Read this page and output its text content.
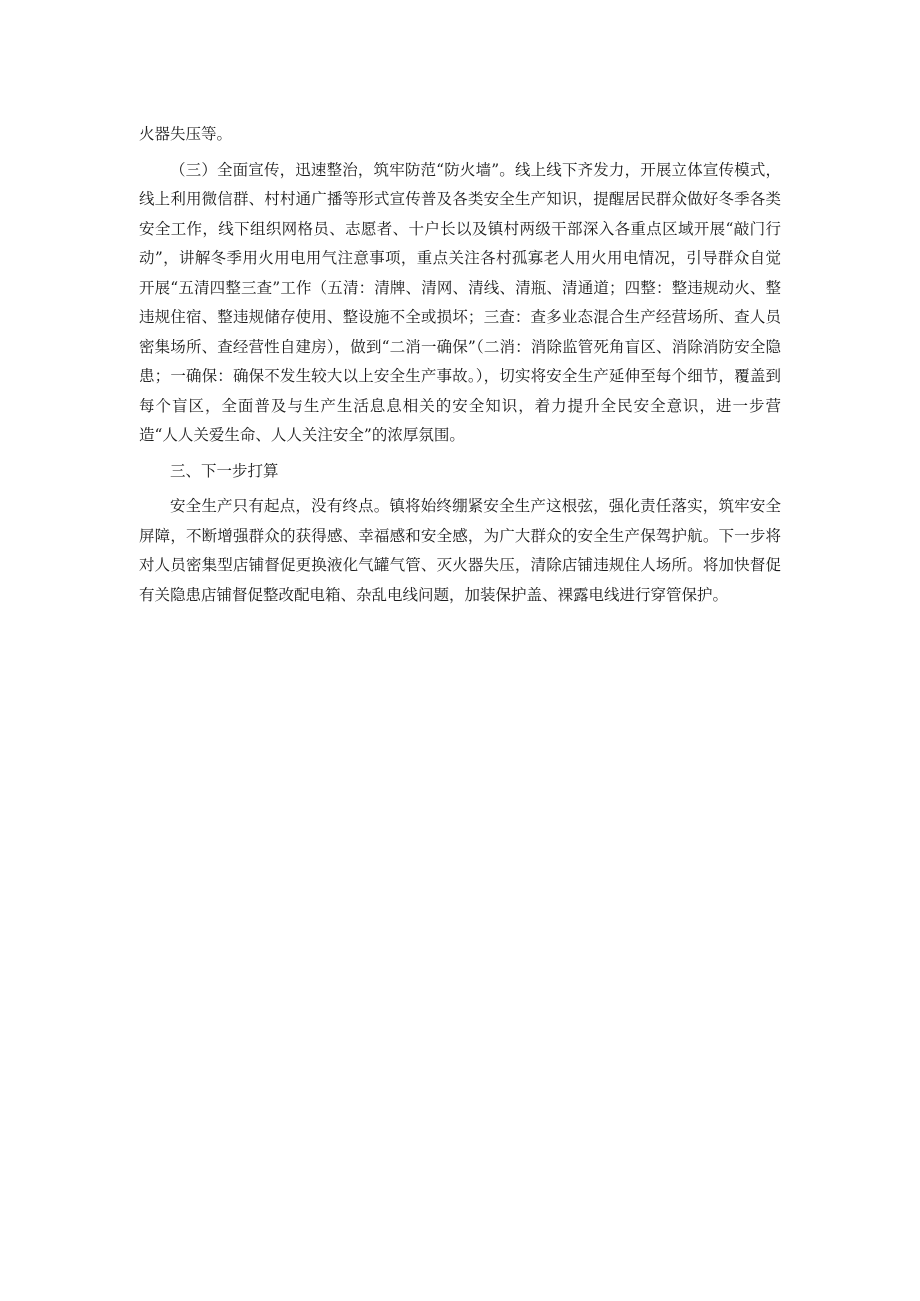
火器失压等。

（三）全面宣传，迅速整治，筑牢防范“防火墙”。线上线下齐发力，开展立体宣传模式，线上利用微信群、村村通广播等形式宣传普及各类安全生产知识，提醒居民群众做好冬季各类安全工作，线下组织网格员、志愿者、十户长以及镇村两级干部深入各重点区域开展“敲门行动”，讲解冬季用火用电用气注意事项，重点关注各村孤寡老人用火用电情况，引导群众自觉开展“五清四整三查”工作（五清：清牌、清网、清线、清瓶、清通道；四整：整违规动火、整违规住宿、整违规储存使用、整设施不全或损坏；三查：查多业态混合生产经营场所、查人员密集场所、查经营性自建房），做到“二消一确保”（二消：消除监管死角盲区、消除消防安全隐患；一确保：确保不发生较大以上安全生产事故。），切实将安全生产延伸至每个细节，覆盖到每个盲区，全面普及与生产生活息息相关的安全知识，着力提升全民安全意识，进一步营造“人人关爱生命、人人关注安全”的浓厚氛围。

三、下一步打算

安全生产只有起点，没有终点。镇将始终绷紧安全生产这根弦，强化责任落实，筑牢安全屏障，不断增强群众的获得感、幸福感和安全感，为广大群众的安全生产保驾护航。下一步将对人员密集型店铺督促更换液化气罐气管、灭火器失压，清除店铺违规住人场所。将加快督促有关隐患店铺督促整改配电箱、杂乱电线问题，加装保护盖、裸露电线进行穿管保护。
